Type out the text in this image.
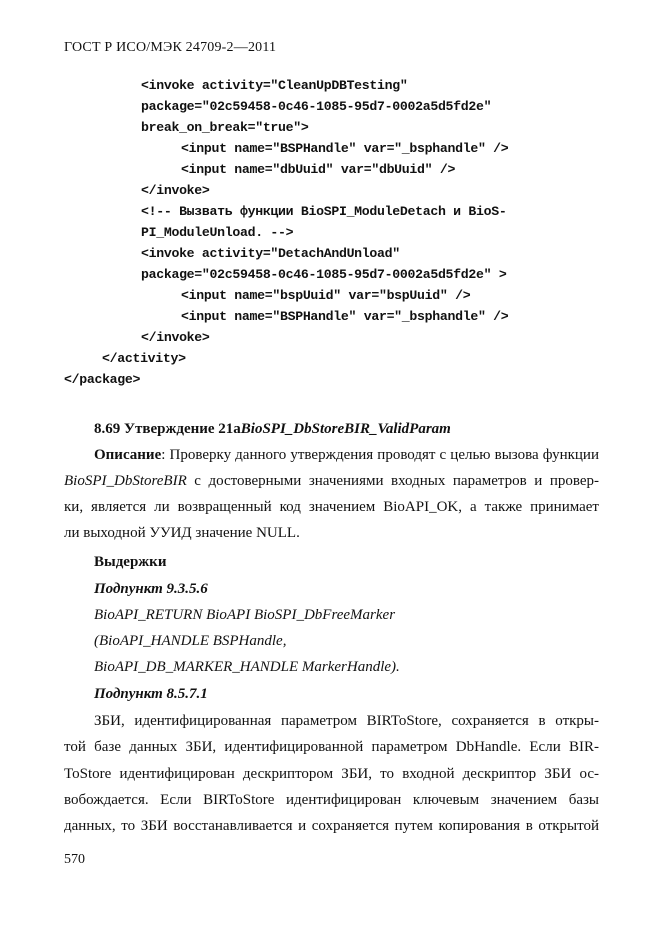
ГОСТ Р ИСО/МЭК 24709-2—2011
<invoke activity="CleanUpDBTesting"
package="02c59458-0c46-1085-95d7-0002a5d5fd2e"
break_on_break="true">
<input name="BSPHandle" var="_bsphandle" />
<input name="dbUuid" var="dbUuid" />
</invoke>
<!-- Вызвать функции BioSPI_ModuleDetach и BioS-
PI_ModuleUnload. -->
<invoke activity="DetachAndUnload"
package="02c59458-0c46-1085-95d7-0002a5d5fd2e" >
<input name="bspUuid" var="bspUuid" />
<input name="BSPHandle" var="_bsphandle" />
</invoke>
</activity>
</package>
8.69 Утверждение 21aBioSPI_DbStoreBIR_ValidParam
Описание: Проверку данного утверждения проводят с целью вызова функции
BioSPI_DbStoreBIR с достоверными значениями входных параметров и провер-
ки, является ли возвращенный код значением BioAPI_OK, а также принимает
ли выходной УУИД значение NULL.
Выдержки
Подпункт 9.3.5.6
BioAPI_RETURN BioAPI BioSPI_DbFreeMarker
(BioAPI_HANDLE BSPHandle,
BioAPI_DB_MARKER_HANDLE MarkerHandle).
Подпункт 8.5.7.1
ЗБИ, идентифицированная параметром BIRToStore, сохраняется в откры-
той базе данных ЗБИ, идентифицированной параметром DbHandle. Если BIR-
ToStore идентифицирован дескриптором ЗБИ, то входной дескриптор ЗБИ ос-
вобождается. Если BIRToStore идентифицирован ключевым значением базы
данных, то ЗБИ восстанавливается и сохраняется путем копирования в открытой
570
